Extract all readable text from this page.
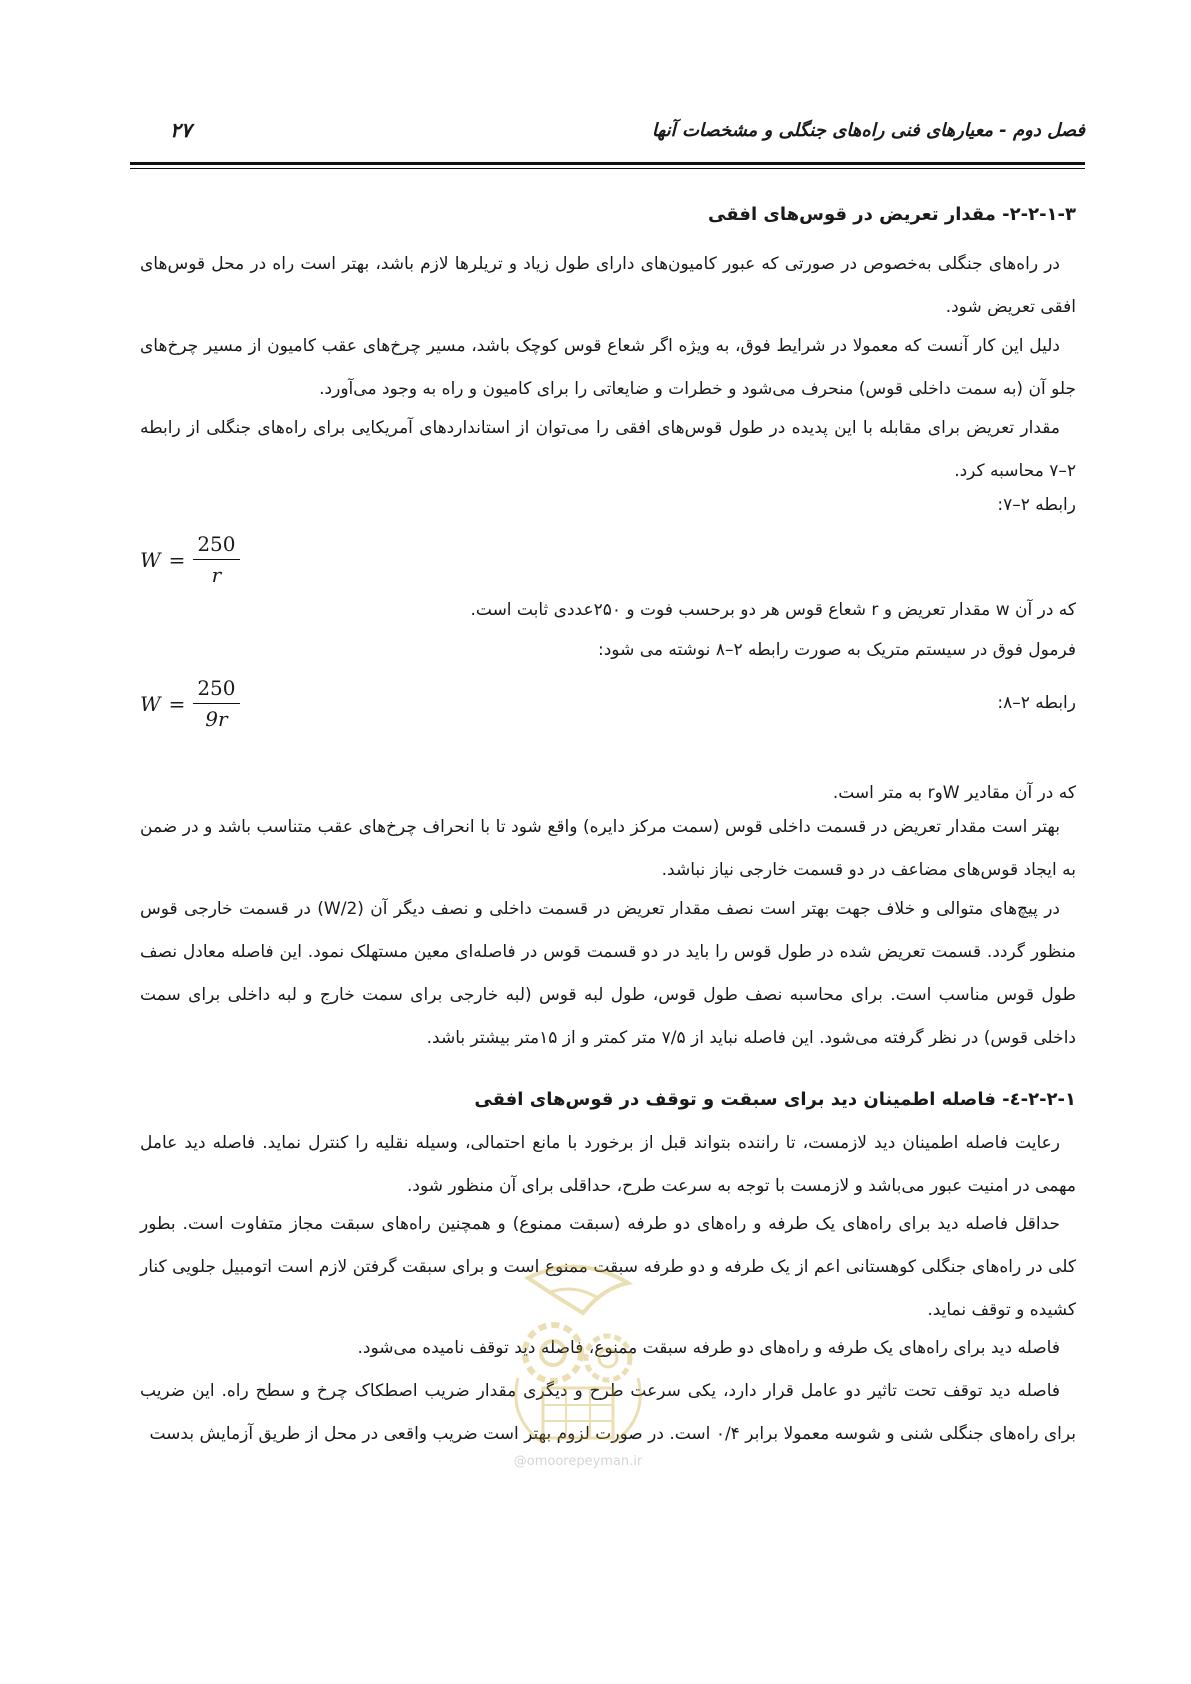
فصل دوم - معیارهای فنی راه‌های جنگلی و مشخصات آنها
۲۷
۲-۲-۱-۳- مقدار تعریض در قوس‌های افقی
در راه‌های جنگلی به‌خصوص در صورتی که عبور کامیون‌های دارای طول زیاد و تریلرها لازم باشد، بهتر است راه در محل قوس‌های افقی تعریض شود.
دلیل این کار آنست که معمولا در شرایط فوق، به ویژه اگر شعاع قوس کوچک باشد، مسیر چرخ‌های عقب کامیون از مسیر چرخ‌های جلو آن (به سمت داخلی قوس) منحرف می‌شود و خطرات و ضایعاتی را برای کامیون و راه به وجود می‌آورد.
مقدار تعریض برای مقابله با این پدیده در طول قوس‌های افقی را می‌توان از استانداردهای آمریکایی برای راه‌های جنگلی از رابطه ۲–۷ محاسبه کرد.
رابطه ۲–۷:
$W = \frac{250}{r}$
که در آن w مقدار تعریض و r شعاع قوس هر دو برحسب فوت و ۲۵۰عددی ثابت است.
فرمول فوق در سیستم متریک به صورت رابطه ۲–۸ نوشته می شود:
رابطه ۲–۸:
$W = \frac{250}{9r}$
که در آن مقادیر Wوr به متر است.
بهتر است مقدار تعریض در قسمت داخلی قوس (سمت مرکز دایره) واقع شود تا با انحراف چرخ‌های عقب متناسب باشد و در ضمن به ایجاد قوس‌های مضاعف در دو قسمت خارجی نیاز نباشد.
در پیچ‌های متوالی و خلاف جهت بهتر است نصف مقدار تعریض در قسمت داخلی و نصف دیگر آن (W/2) در قسمت خارجی قوس منظور گردد. قسمت تعریض شده در طول قوس را باید در دو قسمت قوس در فاصله‌ای معین مستهلک نمود. این فاصله معادل نصف طول قوس مناسب است. برای محاسبه نصف طول قوس، طول لبه قوس (لبه خارجی برای سمت خارج و لبه داخلی برای سمت داخلی قوس) در نظر گرفته می‌شود. این فاصله نباید از ۷/۵ متر کمتر و از ۱۵متر بیشتر باشد.
۲-۲-۱-٤- فاصله اطمینان دید برای سبقت و توقف در قوس‌های افقی
رعایت فاصله اطمینان دید لازمست، تا راننده بتواند قبل از برخورد با مانع احتمالی، وسیله نقلیه را کنترل نماید. فاصله دید عامل مهمی در امنیت عبور می‌باشد و لازمست با توجه به سرعت طرح، حداقلی برای آن منظور شود.
حداقل فاصله دید برای راه‌های یک طرفه و راه‌های دو طرفه (سبقت ممنوع) و همچنین راه‌های سبقت مجاز متفاوت است. بطور کلی در راه‌های جنگلی کوهستانی اعم از یک طرفه و دو طرفه سبقت ممنوع است و برای سبقت گرفتن لازم است اتومبیل جلویی کنار کشیده و توقف نماید.
فاصله دید برای راه‌های یک طرفه و راه‌های دو طرفه سبقت ممنوع، فاصله دید توقف نامیده می‌شود.
فاصله دید توقف تحت تاثیر دو عامل قرار دارد، یکی سرعت طرح و دیگری مقدار ضریب اصطکاک چرخ و سطح راه. این ضریب برای راه‌های جنگلی شنی و شوسه معمولا برابر ۰/۴ است. در صورت لزوم بهتر است ضریب واقعی در محل از طریق آزمایش بدست
@omoorepeyman.ir
